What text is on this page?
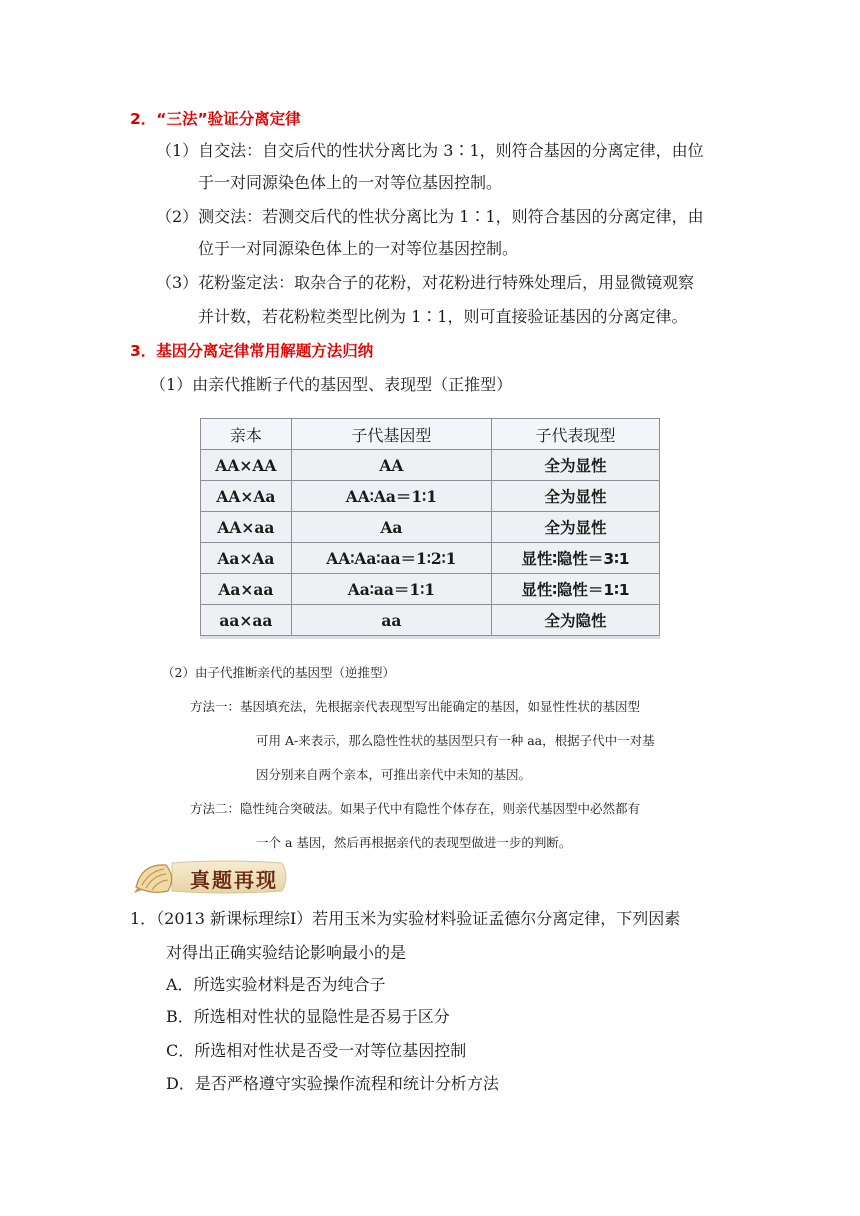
2．“三法”验证分离定律
（1）自交法：自交后代的性状分离比为 3∶1，则符合基因的分离定律，由位
于一对同源染色体上的一对等位基因控制。
（2）测交法：若测交后代的性状分离比为 1∶1，则符合基因的分离定律，由
位于一对同源染色体上的一对等位基因控制。
（3）花粉鉴定法：取杂合子的花粉，对花粉进行特殊处理后，用显微镜观察
并计数，若花粉粒类型比例为 1∶1，则可直接验证基因的分离定律。
3．基因分离定律常用解题方法归纳
（1）由亲代推断子代的基因型、表现型（正推型）
亲本	子代基因型	子代表现型
AA×AA	AA	全为显性
AA×Aa	AA∶Aa＝1∶1	全为显性
AA×aa	Aa	全为显性
Aa×Aa	AA∶Aa∶aa＝1∶2∶1	显性∶隐性＝3∶1
Aa×aa	Aa∶aa＝1∶1	显性∶隐性＝1∶1
aa×aa	aa	全为隐性
（2）由子代推断亲代的基因型（逆推型）
方法一：基因填充法，先根据亲代表现型写出能确定的基因，如显性性状的基因型
可用 A-来表示，那么隐性性状的基因型只有一种 aa，根据子代中一对基
因分别来自两个亲本，可推出亲代中未知的基因。
方法二：隐性纯合突破法。如果子代中有隐性个体存在，则亲代基因型中必然都有
一个 a 基因，然后再根据亲代的表现型做进一步的判断。
真题再现
1．（2013 新课标理综Ⅰ）若用玉米为实验材料验证孟德尔分离定律，下列因素
对得出正确实验结论影响最小的是
A．所选实验材料是否为纯合子
B．所选相对性状的显隐性是否易于区分
C．所选相对性状是否受一对等位基因控制
D．是否严格遵守实验操作流程和统计分析方法
